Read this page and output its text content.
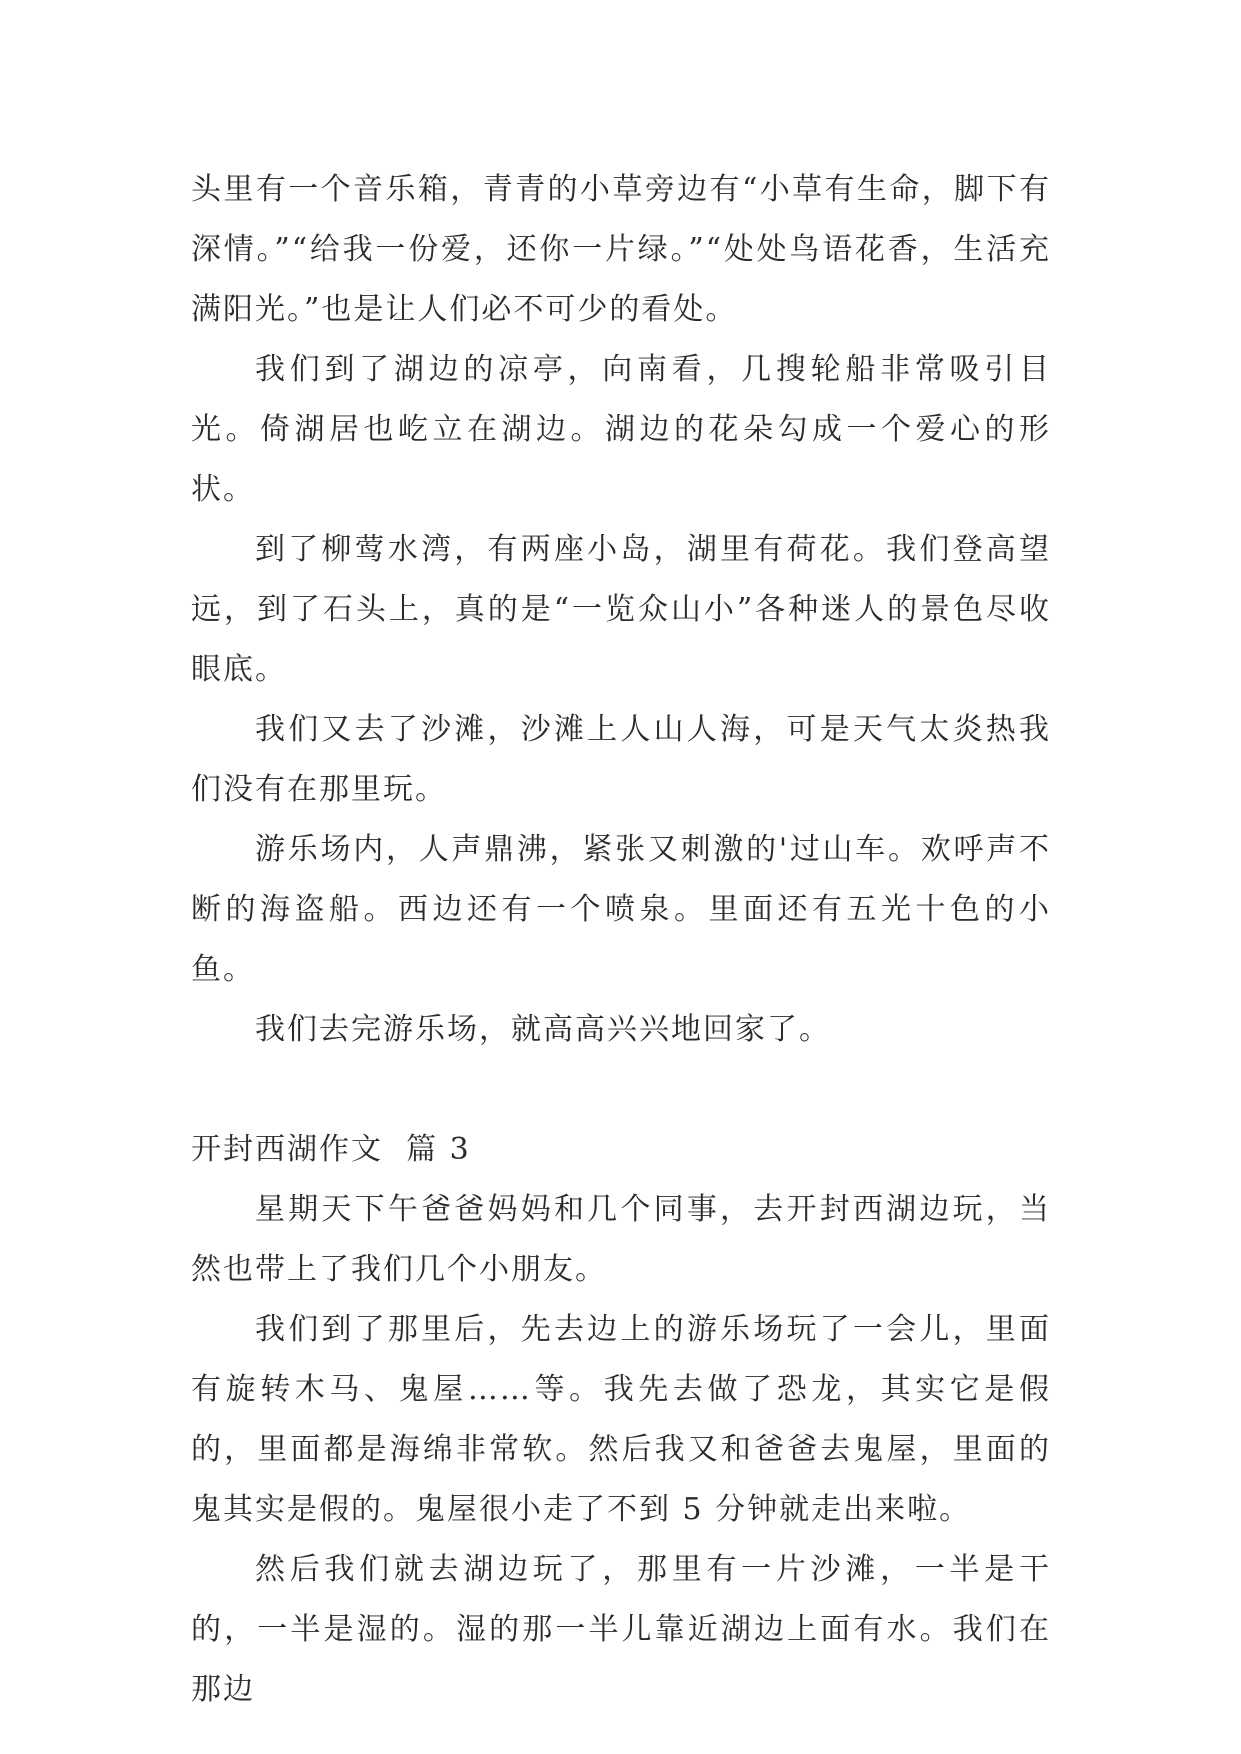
头里有一个音乐箱，青青的小草旁边有“小草有生命，脚下有深情。”“给我一份爱，还你一片绿。”“处处鸟语花香，生活充满阳光。”也是让人们必不可少的看处。

我们到了湖边的凉亭，向南看，几搜轮船非常吸引目光。倚湖居也屹立在湖边。湖边的花朵勾成一个爱心的形状。

到了柳莺水湾，有两座小岛，湖里有荷花。我们登高望远，到了石头上，真的是“一览众山小”各种迷人的景色尽收眼底。

我们又去了沙滩，沙滩上人山人海，可是天气太炎热我们没有在那里玩。

游乐场内，人声鼎沸，紧张又刺激的'过山车。欢呼声不断的海盗船。西边还有一个喷泉。里面还有五光十色的小鱼。

我们去完游乐场，就高高兴兴地回家了。

开封西湖作文  篇 3

星期天下午爸爸妈妈和几个同事，去开封西湖边玩，当然也带上了我们几个小朋友。

我们到了那里后，先去边上的游乐场玩了一会儿，里面有旋转木马、鬼屋……等。我先去做了恐龙，其实它是假的，里面都是海绵非常软。然后我又和爸爸去鬼屋，里面的鬼其实是假的。鬼屋很小走了不到 5 分钟就走出来啦。

然后我们就去湖边玩了，那里有一片沙滩，一半是干的，一半是湿的。湿的那一半儿靠近湖边上面有水。我们在那边
